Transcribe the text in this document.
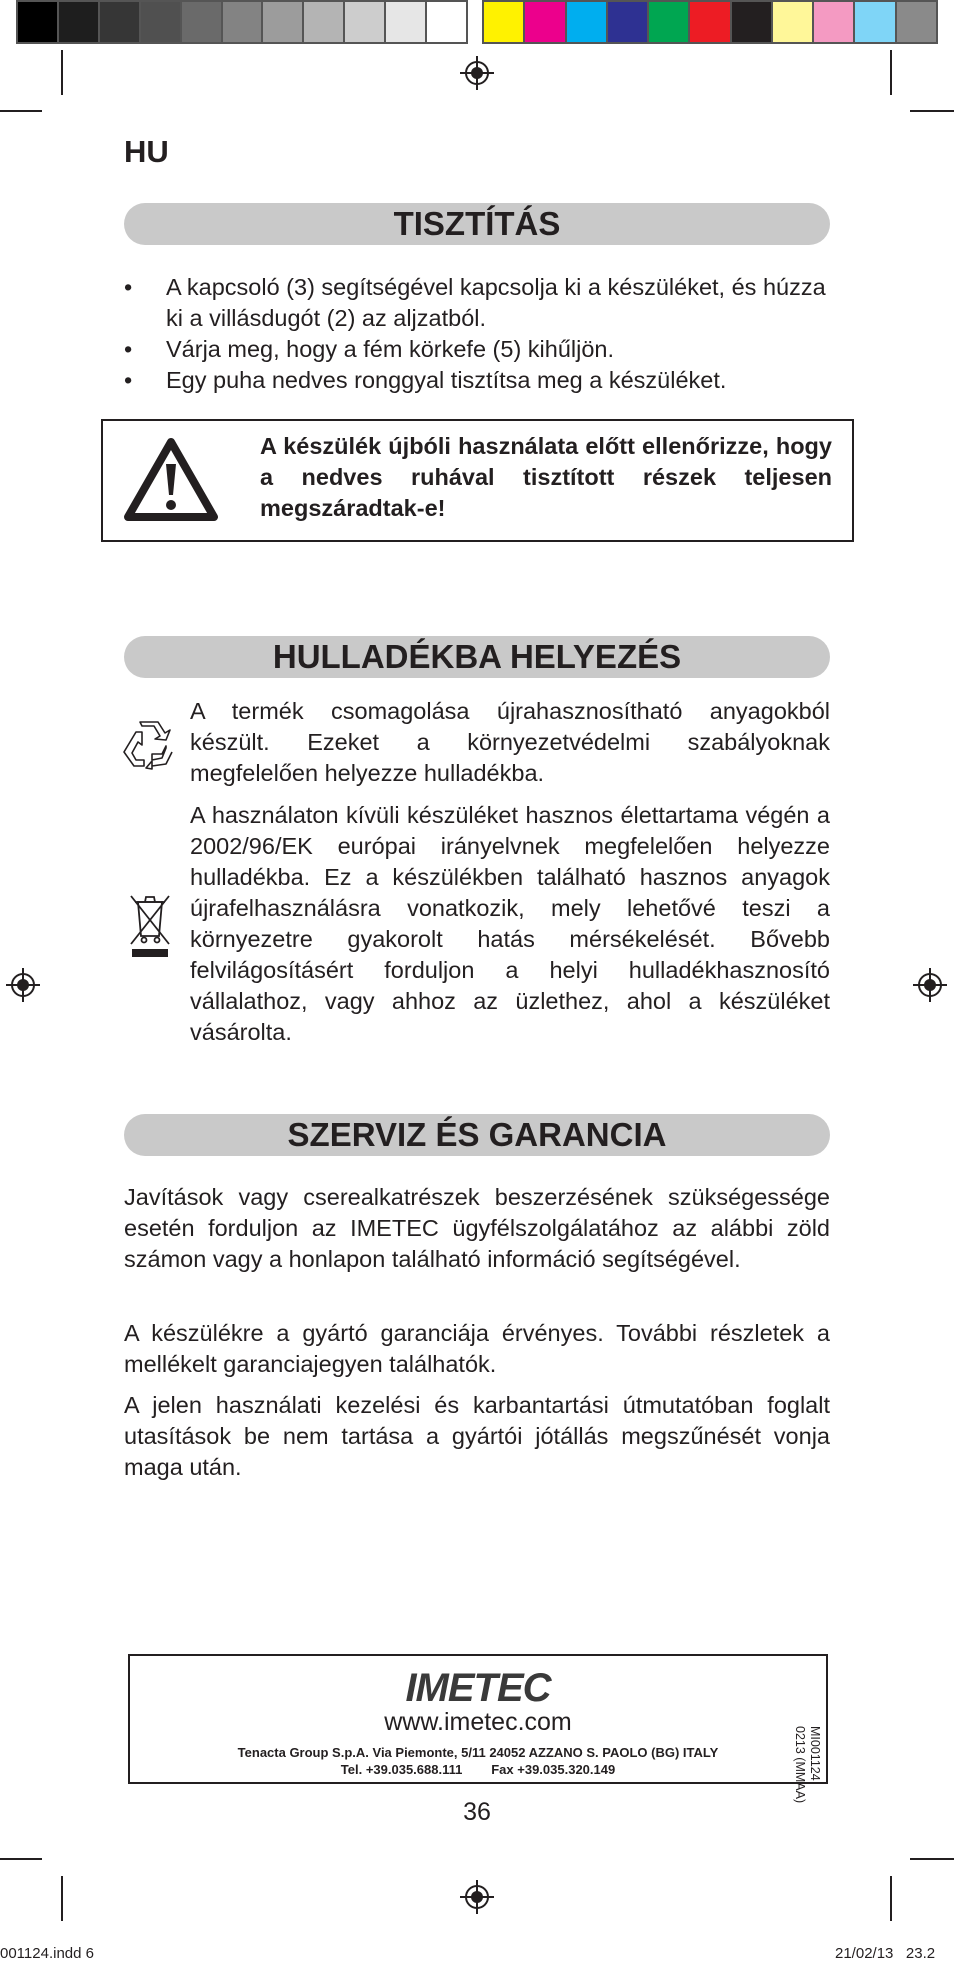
HU
TISZTÍTÁS
• A kapcsoló (3) segítségével kapcsolja ki a készüléket, és húzza ki a villásdugót (2) az aljzatból.
• Várja meg, hogy a fém körkefe (5) kihűljön.
• Egy puha nedves ronggyal tisztítsa meg a készüléket.
A készülék újbóli használata előtt ellenőrizze, hogy a nedves ruhával tisztított részek teljesen megszáradtak-e!
HULLADÉKBA HELYEZÉS
A termék csomagolása újrahasznosítható anyagokból készült. Ezeket a környezetvédelmi szabályoknak megfelelően helyezze hulladékba.
A használaton kívüli készüléket hasznos élettartama végén a 2002/96/EK európai irányelvnek megfelelően helyezze hulladékba. Ez a készülékben található hasznos anyagok újrafelhasználásra vonatkozik, mely lehetővé teszi a környezetre gyakorolt hatás mérsékelését. Bővebb felvilágosításért forduljon a helyi hulladékhasznosító vállalathoz, vagy ahhoz az üzlethez, ahol a készüléket vásárolta.
SZERVIZ ÉS GARANCIA
Javítások vagy cserealkatrészek beszerzésének szükségessége esetén forduljon az IMETEC ügyfélszolgálatához az alábbi zöld számon vagy a honlapon található információ segítségével.
A készülékre a gyártó garanciája érvényes. További részletek a mellékelt garanciajegyen találhatók.
A jelen használati kezelési és karbantartási útmutatóban foglalt utasítások be nem tartása a gyártói jótállás megszűnését vonja maga után.
IMETEC
www.imetec.com
Tenacta Group S.p.A. Via Piemonte, 5/11 24052 AZZANO S. PAOLO (BG) ITALY
Tel. +39.035.688.111        Fax +39.035.320.149	MI001124
0213 (MMAA)
36
001124.indd 6	21/02/13   23.2
